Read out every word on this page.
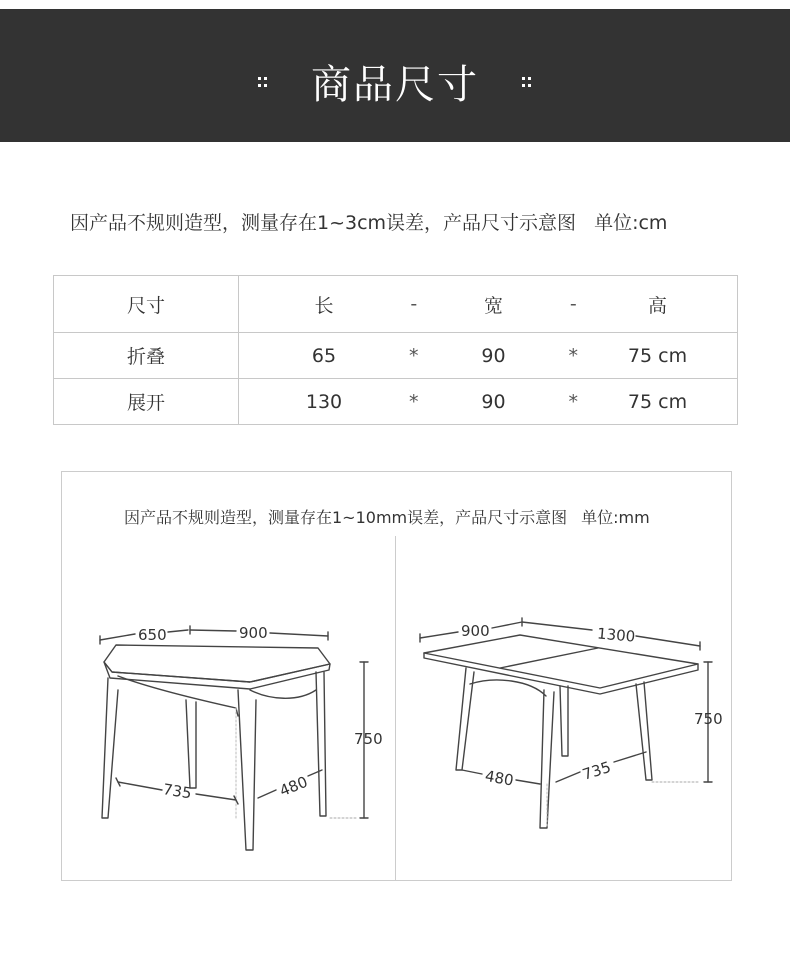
商品尺寸
因产品不规则造型，测量存在1~3cm误差，产品尺寸示意图 单位:cm
尺寸	长	-	宽	-	高
折叠	65	*	90	*	75 cm
展开	130	*	90	*	75 cm
因产品不规则造型，测量存在1~10mm误差，产品尺寸示意图 单位:mm
650	900
750
735	480
900	1300
750
480	735
